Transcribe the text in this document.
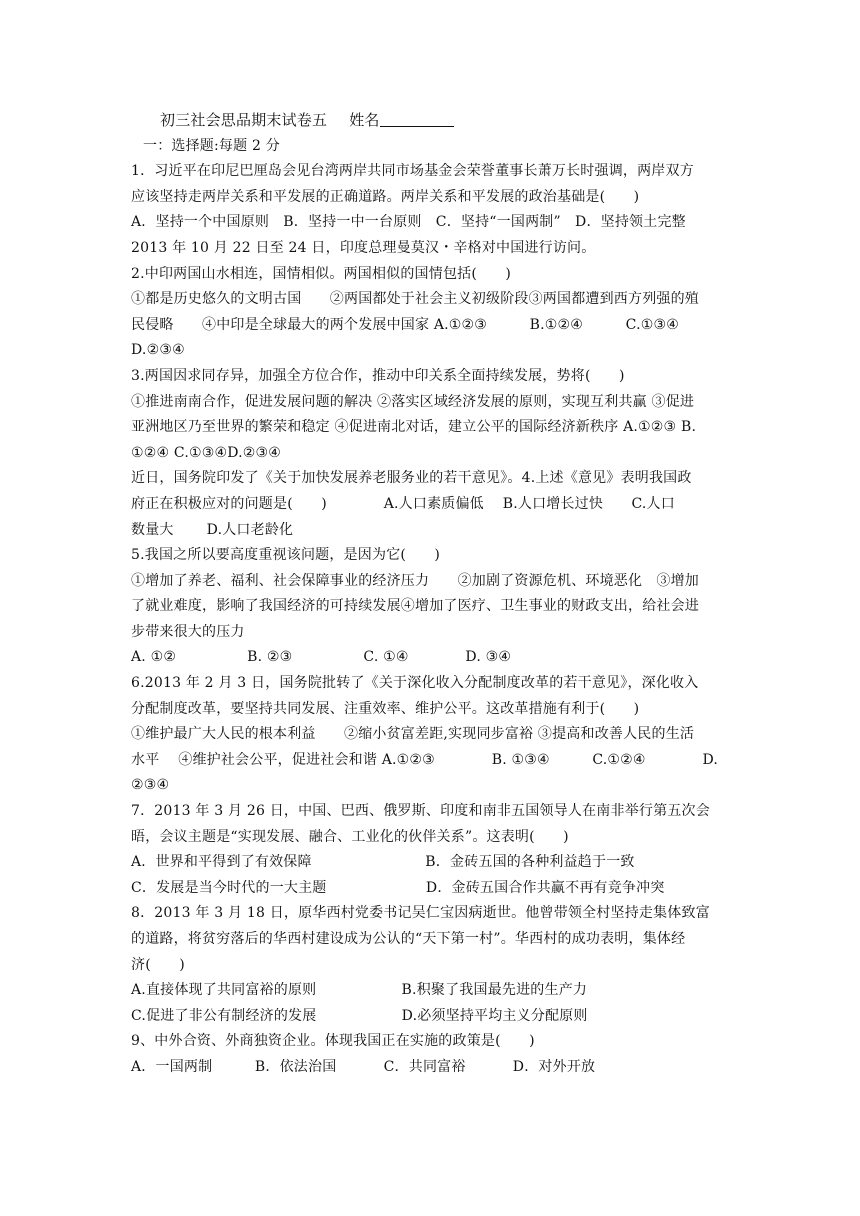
初三社会思品期末试卷五 姓名
一：选择题:每题 2 分
1．习近平在印尼巴厘岛会见台湾两岸共同市场基金会荣誉董事长萧万长时强调，两岸双方
应该坚持走两岸关系和平发展的正确道路。两岸关系和平发展的政治基础是(　　)
A．坚持一个中国原则　B．坚持一中一台原则　C．坚持“一国两制”　D．坚持领土完整
2013 年 10 月 22 日至 24 日，印度总理曼莫汉・辛格对中国进行访问。
2.中印两国山水相连，国情相似。两国相似的国情包括(　　)
①都是历史悠久的文明古国　　②两国都处于社会主义初级阶段③两国都遭到西方列强的殖
民侵略　　④中印是全球最大的两个发展中国家 A.①②③　　　B.①②④　　　C.①③④
D.②③④
3.两国因求同存异，加强全方位合作，推动中印关系全面持续发展，势将(　　)
①推进南南合作，促进发展问题的解决 ②落实区域经济发展的原则，实现互利共赢 ③促进
亚洲地区乃至世界的繁荣和稳定 ④促进南北对话，建立公平的国际经济新秩序 A.①②③ B.
①②④ C.①③④D.②③④
近日，国务院印发了《关于加快发展养老服务业的若干意见》。4.上述《意见》表明我国政
府正在积极应对的问题是(　　)　　　　A.人口素质偏低　 B.人口增长过快　　C.人口
数量大　　 D.人口老龄化
5.我国之所以要高度重视该问题，是因为它(　　)
①增加了养老、福利、社会保障事业的经济压力　　②加剧了资源危机、环境恶化　③增加
了就业难度，影响了我国经济的可持续发展④增加了医疗、卫生事业的财政支出，给社会进
步带来很大的压力
A. ①②　　　　　B. ②③　　　　　C. ①④　　　　D. ③④
6.2013 年 2 月 3 日，国务院批转了《关于深化收入分配制度改革的若干意见》，深化收入
分配制度改革，要坚持共同发展、注重效率、维护公平。这改革措施有利于(　　)
①维护最广大人民的根本利益　　②缩小贫富差距,实现同步富裕 ③提高和改善人民的生活
水平　 ④维护社会公平，促进社会和谐 A.①②③　　　　B. ①③④　　　C.①②④　　　　D.
②③④
7．2013 年 3 月 26 日，中国、巴西、俄罗斯、印度和南非五国领导人在南非举行第五次会
晤，会议主题是“实现发展、融合、工业化的伙伴关系”。这表明(　　)
A．世界和平得到了有效保障　　　　　　　　B．金砖五国的各种利益趋于一致
C．发展是当今时代的一大主题　　　　　　　D．金砖五国合作共赢不再有竞争冲突
8．2013 年 3 月 18 日，原华西村党委书记吴仁宝因病逝世。他曾带领全村坚持走集体致富
的道路，将贫穷落后的华西村建设成为公认的“天下第一村”。华西村的成功表明，集体经
济(　　)
A.直接体现了共同富裕的原则　　　　　　B.积聚了我国最先进的生产力
C.促进了非公有制经济的发展　　　　　　D.必须坚持平均主义分配原则
9、中外合资、外商独资企业。体现我国正在实施的政策是(　　)
A．一国两制　　　B．依法治国　　　 C．共同富裕　　　 D．对外开放
